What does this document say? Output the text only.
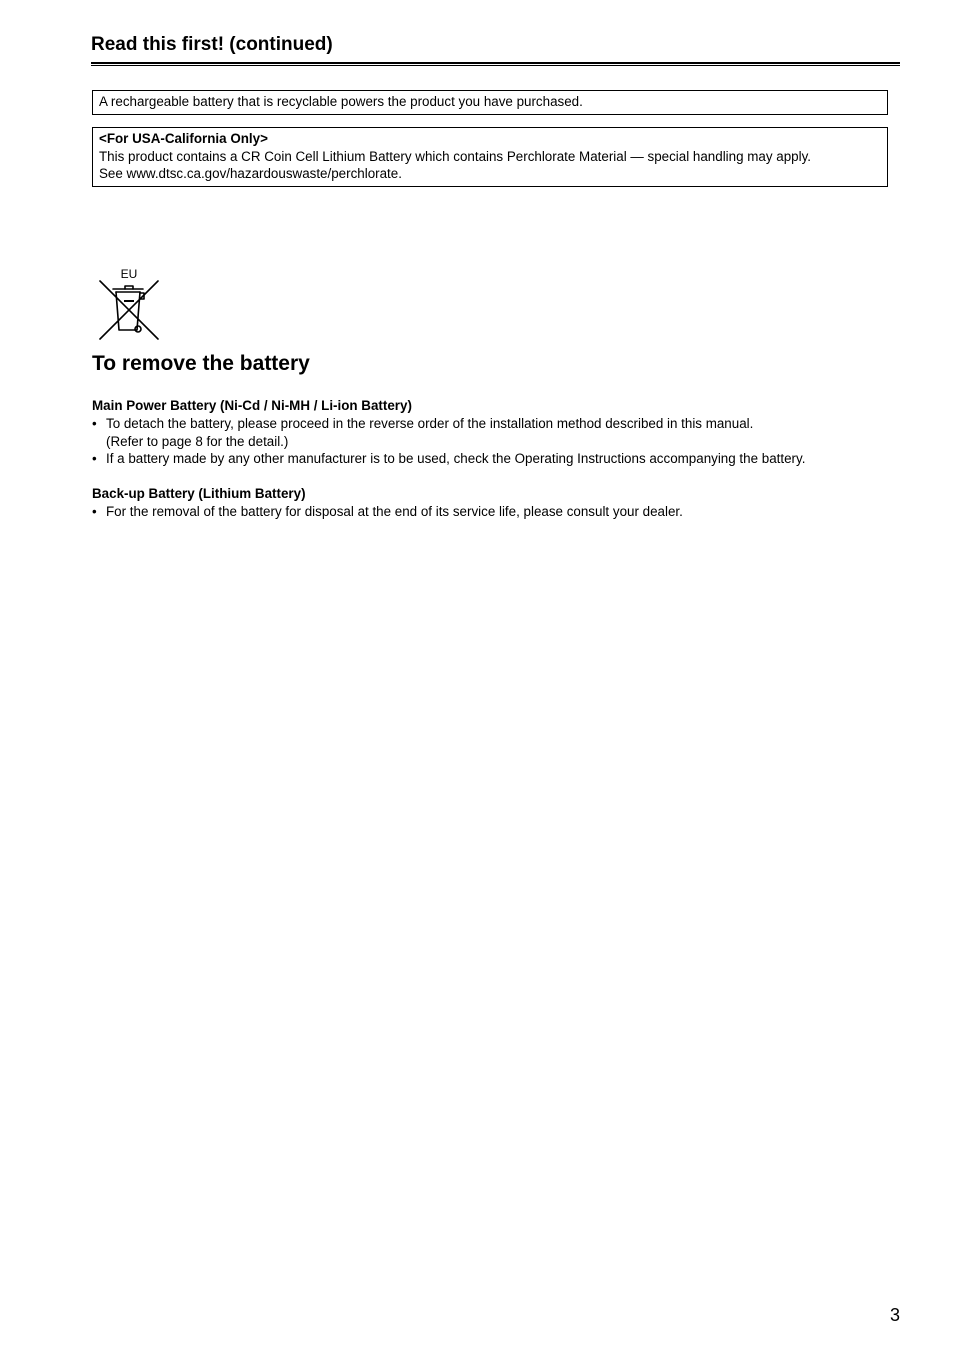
Read this first! (continued)
A rechargeable battery that is recyclable powers the product you have purchased.
<For USA-California Only>
This product contains a CR Coin Cell Lithium Battery which contains Perchlorate Material — special handling may apply.
See www.dtsc.ca.gov/hazardouswaste/perchlorate.
EU
To remove the battery
Main Power Battery (Ni-Cd / Ni-MH / Li-ion Battery)
• To detach the battery, please proceed in the reverse order of the installation method described in this manual.
(Refer to page 8 for the detail.)
• If a battery made by any other manufacturer is to be used, check the Operating Instructions accompanying the battery.
Back-up Battery (Lithium Battery)
• For the removal of the battery for disposal at the end of its service life, please consult your dealer.
3
